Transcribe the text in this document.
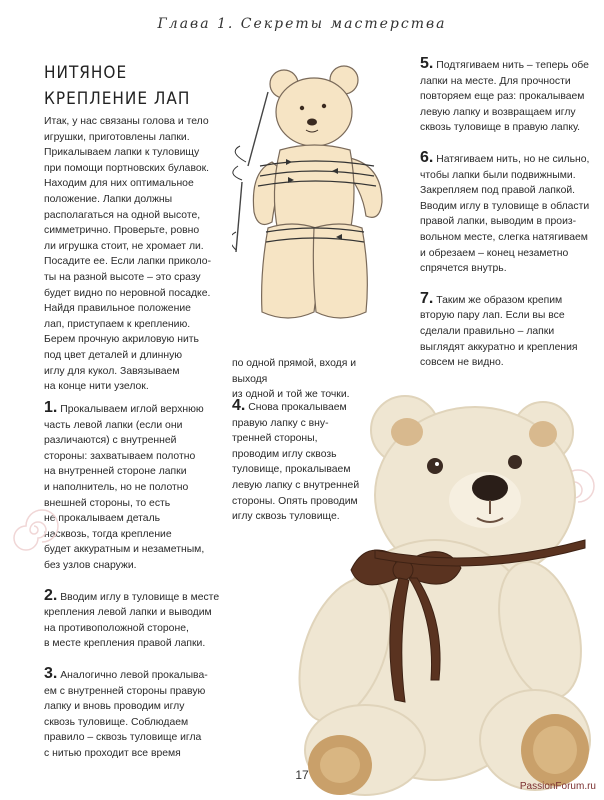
Глава 1. Секреты мастерства
НИТЯНОЕ
КРЕПЛЕНИЕ ЛАП
Итак, у нас связаны голова и тело
игрушки, приготовлены лапки.
Прикалываем лапки к туловищу
при помощи портновских булавок.
Находим для них оптимальное
положение. Лапки должны
располагаться на одной высоте,
симметрично. Проверьте, ровно
ли игрушка стоит, не хромает ли.
Посадите ее. Если лапки приколо-
ты на разной высоте – это сразу
будет видно по неровной посадке.
Найдя правильное положение
лап, приступаем к креплению.
Берем прочную акриловую нить
под цвет деталей и длинную
иглу для кукол. Завязываем
на конце нити узелок.
1. Прокалываем иглой верхнюю
часть левой лапки (если они
различаются) с внутренней
стороны: захватываем полотно
на внутренней стороне лапки
и наполнитель, но не полотно
внешней стороны, то есть
не прокалываем деталь
насквозь, тогда крепление
будет аккуратным и незаметным,
без узлов снаружи.
2. Вводим иглу в туловище в месте
крепления левой лапки и выводим
на противоположной стороне,
в месте крепления правой лапки.
3. Аналогично левой прокалыва-
ем с внутренней стороны правую
лапку и вновь проводим иглу
сквозь туловище. Соблюдаем
правило – сквозь туловище игла
с нитью проходит все время
по одной прямой, входя и выходя
из одной и той же точки.
4. Снова прокалываем
правую лапку с вну-
тренней стороны,
проводим иглу сквозь
туловище, прокалываем
левую лапку с внутренней
стороны. Опять проводим
иглу сквозь туловище.
5. Подтягиваем нить – теперь обе
лапки на месте. Для прочности
повторяем еще раз: прокалываем
левую лапку и возвращаем иглу
сквозь туловище в правую лапку.
6. Натягиваем нить, но не сильно,
чтобы лапки были подвижными.
Закрепляем под правой лапкой.
Вводим иглу в туловище в области
правой лапки, выводим в произ-
вольном месте, слегка натягиваем
и обрезаем – конец незаметно
спрячется внутрь.
7. Таким же образом крепим
вторую пару лап. Если вы все
сделали правильно – лапки
выглядят аккуратно и крепления
совсем не видно.
17
PassionForum.ru
